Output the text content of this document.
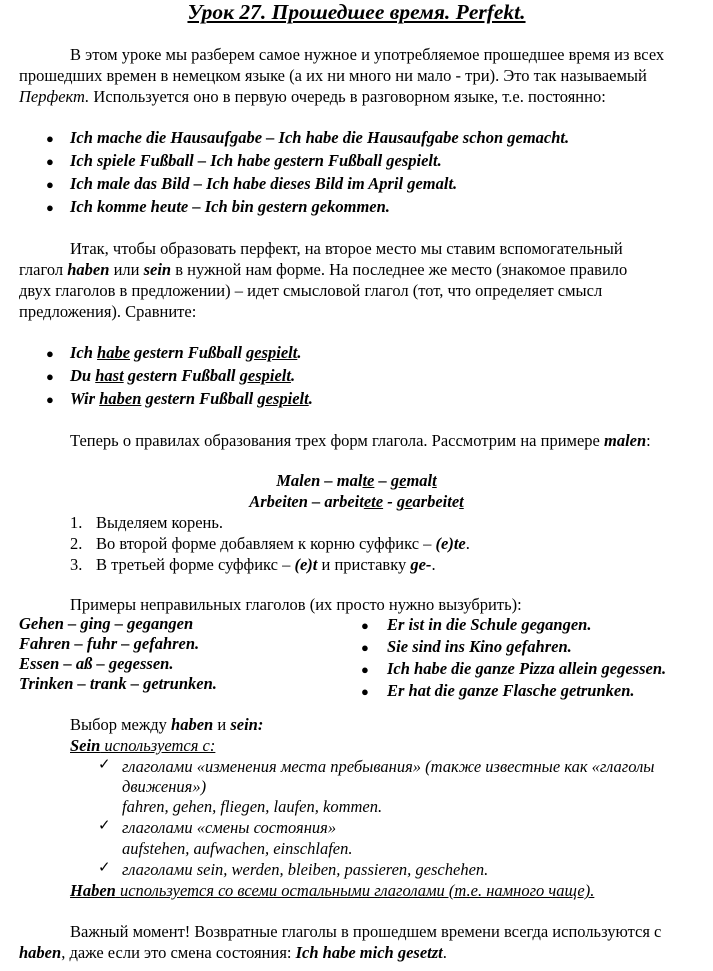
Урок 27. Прошедшее время. Perfekt.
В этом уроке мы разберем самое нужное и употребляемое прошедшее время из всех
прошедших времен в немецком языке (а их ни много ни мало - три). Это так называемый
Перфект. Используется оно в первую очередь в разговорном языке, т.е. постоянно:
● Ich mache die Hausaufgabe – Ich habe die Hausaufgabe schon gemacht.
● Ich spiele Fußball – Ich habe gestern Fußball gespielt.
● Ich male das Bild – Ich habe dieses Bild im April gemalt.
● Ich komme heute – Ich bin gestern gekommen.
Итак, чтобы образовать перфект, на второе место мы ставим вспомогательный
глагол haben или sein в нужной нам форме. На последнее же место (знакомое правило
двух глаголов в предложении) – идет смысловой глагол (тот, что определяет смысл
предложения). Сравните:
● Ich habe gestern Fußball gespielt.
● Du hast gestern Fußball gespielt.
● Wir haben gestern Fußball gespielt.
Теперь о правилах образования трех форм глагола. Рассмотрим на примере malen:
Malen – malte – gemalt
Arbeiten – arbeitete - gearbeitet
1. Выделяем корень.
2. Во второй форме добавляем к корню суффикс – (e)te.
3. В третьей форме суффикс – (e)t и приставку ge-.
Примеры неправильных глаголов (их просто нужно вызубрить):
Gehen – ging – gegangen
Fahren – fuhr – gefahren.
Essen – aß – gegessen.
Trinken – trank – getrunken.
● Er ist in die Schule gegangen.
● Sie sind ins Kino gefahren.
● Ich habe die ganze Pizza allein gegessen.
● Er hat die ganze Flasche getrunken.
Выбор между haben и sein:
Sein используется с:
✓ глаголами «изменения места пребывания» (также известные как «глаголы
движения»)
fahren, gehen, fliegen, laufen, kommen.
✓ глаголами «смены состояния»
aufstehen, aufwachen, einschlafen.
✓ глаголами sein, werden, bleiben, passieren, geschehen.
Haben используется со всеми остальными глаголами (т.е. намного чаще).
Важный момент! Возвратные глаголы в прошедшем времени всегда используются с
haben, даже если это смена состояния: Ich habe mich gesetzt.
